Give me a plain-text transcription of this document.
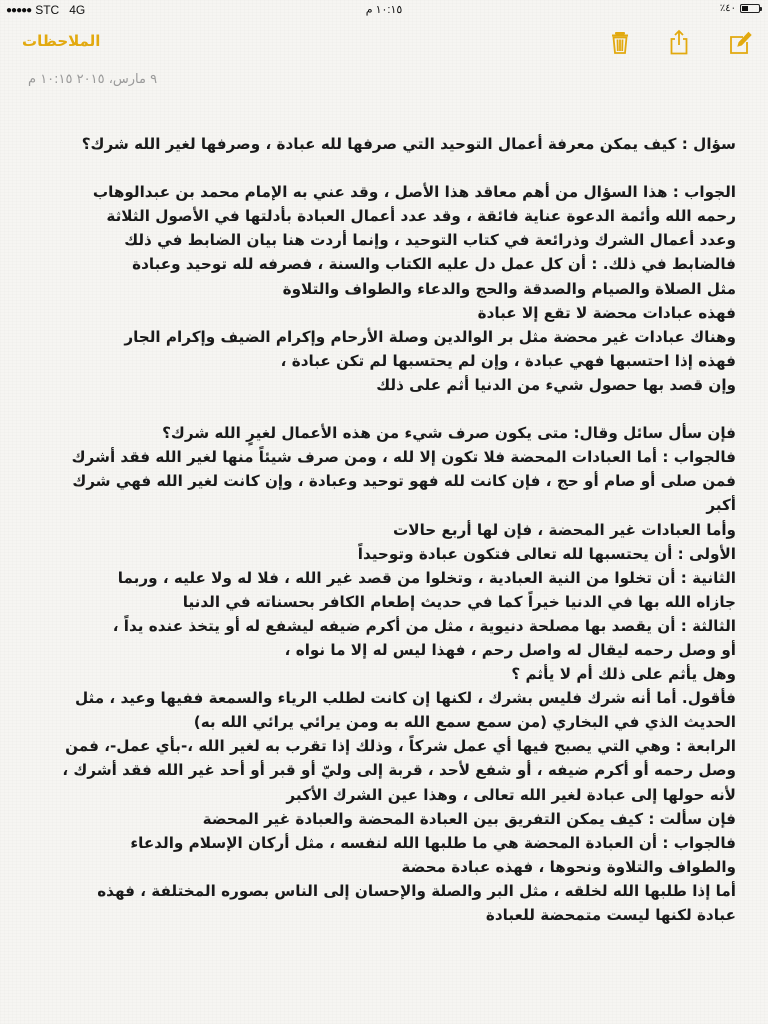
●●●●● STC 4G	١٠:١٥ م	٪٤٠
الملاحظات
٩ مارس، ٢٠١٥ ١٠:١٥ م
سؤال : كيف يمكن معرفة أعمال التوحيد التي صرفها لله عبادة ، وصرفها لغير الله شرك؟
الجواب : هذا السؤال من أهم معاقد هذا الأصل ، وقد عني به الإمام محمد بن عبدالوهاب
رحمه الله وأئمة الدعوة عناية فائقة ، وقد عدد أعمال العبادة بأدلتها في الأصول الثلاثة
وعدد أعمال الشرك وذرائعة في كتاب التوحيد ، وإنما أردت هنا بيان الضابط في ذلك
فالضابط في ذلك. : أن كل عمل دل عليه الكتاب والسنة ، فصرفه لله توحيد وعبادة
مثل الصلاة والصيام والصدقة والحج والدعاء والطواف والتلاوة
فهذه عبادات محضة لا تقع إلا عبادة
وهناك عبادات غير محضة مثل بر الوالدين وصلة الأرحام وإكرام الضيف وإكرام الجار
فهذه إذا احتسبها فهي عبادة ، وإن لم يحتسبها لم تكن عبادة ،
وإن قصد بها حصول شيء من الدنيا أثم على ذلك
فإن سأل سائل وقال: متى يكون صرف شيء من هذه الأعمال لغيرٍ الله شرك؟
فالجواب : أما العبادات المحضة فلا تكون إلا لله ، ومن صرف شيئاً منها لغير الله فقد أشرك
فمن صلى أو صام أو حج ، فإن كانت لله فهو توحيد وعبادة ، وإن كانت لغير الله فهي شرك
أكبر
وأما العبادات غير المحضة ، فإن لها أربع حالات
الأولى : أن يحتسبها لله تعالى فتكون عبادة وتوحيداً
الثانية : أن تخلوا من النية العبادية ، وتخلوا من قصد غير الله ، فلا له ولا عليه ، وربما
جازاه الله بها في الدنيا خيراً كما في حديث إطعام الكافر بحسناته في الدنيا
الثالثة : أن يقصد بها مصلحة دنيوية ، مثل من أكرم ضيفه ليشفع له أو يتخذ عنده يداً ،
أو وصل رحمه ليقال له واصل رحم ، فهذا ليس له إلا ما نواه ،
وهل يأثم على ذلك أم لا يأثم ؟
فأقول. أما أنه شرك فليس بشرك ، لكنها إن كانت لطلب الرياء والسمعة ففيها وعيد ، مثل
الحديث الذي في البخاري (من سمع سمع الله به ومن يرائي يرائي الله به)
الرابعة : وهي التي يصبح فيها أي عمل شركاً ، وذلك إذا تقرب به لغير الله ،-بأي عمل-، فمن
وصل رحمه أو أكرم ضيفه ، أو شفع لأحد ، قربة إلى وليّ أو قبر أو أحد غير الله فقد أشرك ،
لأنه حولها إلى عبادة لغير الله تعالى ، وهذا عين الشرك الأكبر
فإن سألت : كيف يمكن التفريق بين العبادة المحضة والعبادة غير المحضة
فالجواب : أن العبادة المحضة هي ما طلبها الله لنفسه ، مثل أركان الإسلام والدعاء
والطواف والتلاوة ونحوها ، فهذه عبادة محضة
أما إذا طلبها الله لخلقه ، مثل البر والصلة والإحسان إلى الناس بصوره المختلفة ، فهذه
عبادة لكنها ليست متمحضة للعبادة
